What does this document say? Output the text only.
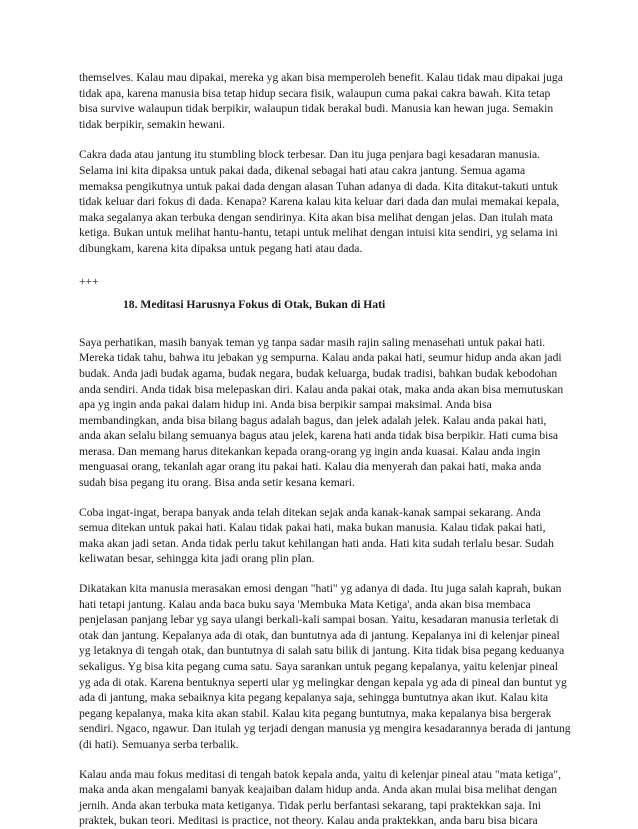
themselves. Kalau mau dipakai, mereka yg akan bisa memperoleh benefit. Kalau tidak mau dipakai juga tidak apa, karena manusia bisa tetap hidup secara fisik, walaupun cuma pakai cakra bawah. Kita tetap bisa survive walaupun tidak berpikir, walaupun tidak berakal budi. Manusia kan hewan juga. Semakin tidak berpikir, semakin hewani.

Cakra dada atau jantung itu stumbling block terbesar. Dan itu juga penjara bagi kesadaran manusia. Selama ini kita dipaksa untuk pakai dada, dikenal sebagai hati atau cakra jantung. Semua agama memaksa pengikutnya untuk pakai dada dengan alasan Tuhan adanya di dada. Kita ditakut-takuti untuk tidak keluar dari fokus di dada. Kenapa? Karena kalau kita keluar dari dada dan mulai memakai kepala, maka segalanya akan terbuka dengan sendirinya. Kita akan bisa melihat dengan jelas. Dan itulah mata ketiga. Bukan untuk melihat hantu-hantu, tetapi untuk melihat dengan intuisi kita sendiri, yg selama ini dibungkam, karena kita dipaksa untuk pegang hati atau dada.

+++
18. Meditasi Harusnya Fokus di Otak, Bukan di Hati

Saya perhatikan, masih banyak teman yg tanpa sadar masih rajin saling menasehati untuk pakai hati. Mereka tidak tahu, bahwa itu jebakan yg sempurna. Kalau anda pakai hati, seumur hidup anda akan jadi budak. Anda jadi budak agama, budak negara, budak keluarga, budak tradisi, bahkan budak kebodohan anda sendiri. Anda tidak bisa melepaskan diri. Kalau anda pakai otak, maka anda akan bisa memutuskan apa yg ingin anda pakai dalam hidup ini. Anda bisa berpikir sampai maksimal. Anda bisa membandingkan, anda bisa bilang bagus adalah bagus, dan jelek adalah jelek. Kalau anda pakai hati, anda akan selalu bilang semuanya bagus atau jelek, karena hati anda tidak bisa berpikir. Hati cuma bisa merasa. Dan memang harus ditekankan kepada orang-orang yg ingin anda kuasai. Kalau anda ingin menguasai orang, tekanlah agar orang itu pakai hati. Kalau dia menyerah dan pakai hati, maka anda sudah bisa pegang itu orang. Bisa anda setir kesana kemari.

Coba ingat-ingat, berapa banyak anda telah ditekan sejak anda kanak-kanak sampai sekarang. Anda semua ditekan untuk pakai hati. Kalau tidak pakai hati, maka bukan manusia. Kalau tidak pakai hati, maka akan jadi setan. Anda tidak perlu takut kehilangan hati anda. Hati kita sudah terlalu besar. Sudah keliwatan besar, sehingga kita jadi orang plin plan.

Dikatakan kita manusia merasakan emosi dengan "hati" yg adanya di dada. Itu juga salah kaprah, bukan hati tetapi jantung. Kalau anda baca buku saya 'Membuka Mata Ketiga', anda akan bisa membaca penjelasan panjang lebar yg saya ulangi berkali-kali sampai bosan. Yaitu, kesadaran manusia terletak di otak dan jantung. Kepalanya ada di otak, dan buntutnya ada di jantung. Kepalanya ini di kelenjar pineal yg letaknya di tengah otak, dan buntutnya di salah satu bilik di jantung. Kita tidak bisa pegang keduanya sekaligus. Yg bisa kita pegang cuma satu. Saya sarankan untuk pegang kepalanya, yaitu kelenjar pineal yg ada di otak. Karena bentuknya seperti ular yg melingkar dengan kepala yg ada di pineal dan buntut yg ada di jantung, maka sebaiknya kita pegang kepalanya saja, sehingga buntutnya akan ikut. Kalau kita pegang kepalanya, maka kita akan stabil. Kalau kita pegang buntutnya, maka kepalanya bisa bergerak sendiri. Ngaco, ngawur. Dan itulah yg terjadi dengan manusia yg mengira kesadarannya berada di jantung (di hati). Semuanya serba terbalik.

Kalau anda mau fokus meditasi di tengah batok kepala anda, yaitu di kelenjar pineal atau "mata ketiga", maka anda akan mengalami banyak keajaiban dalam hidup anda. Anda akan mulai bisa melihat dengan jernih. Anda akan terbuka mata ketiganya. Tidak perlu berfantasi sekarang, tapi praktekkan saja. Ini praktek, bukan teori. Meditasi is practice, not theory. Kalau anda praktekkan, anda baru bisa bicara
